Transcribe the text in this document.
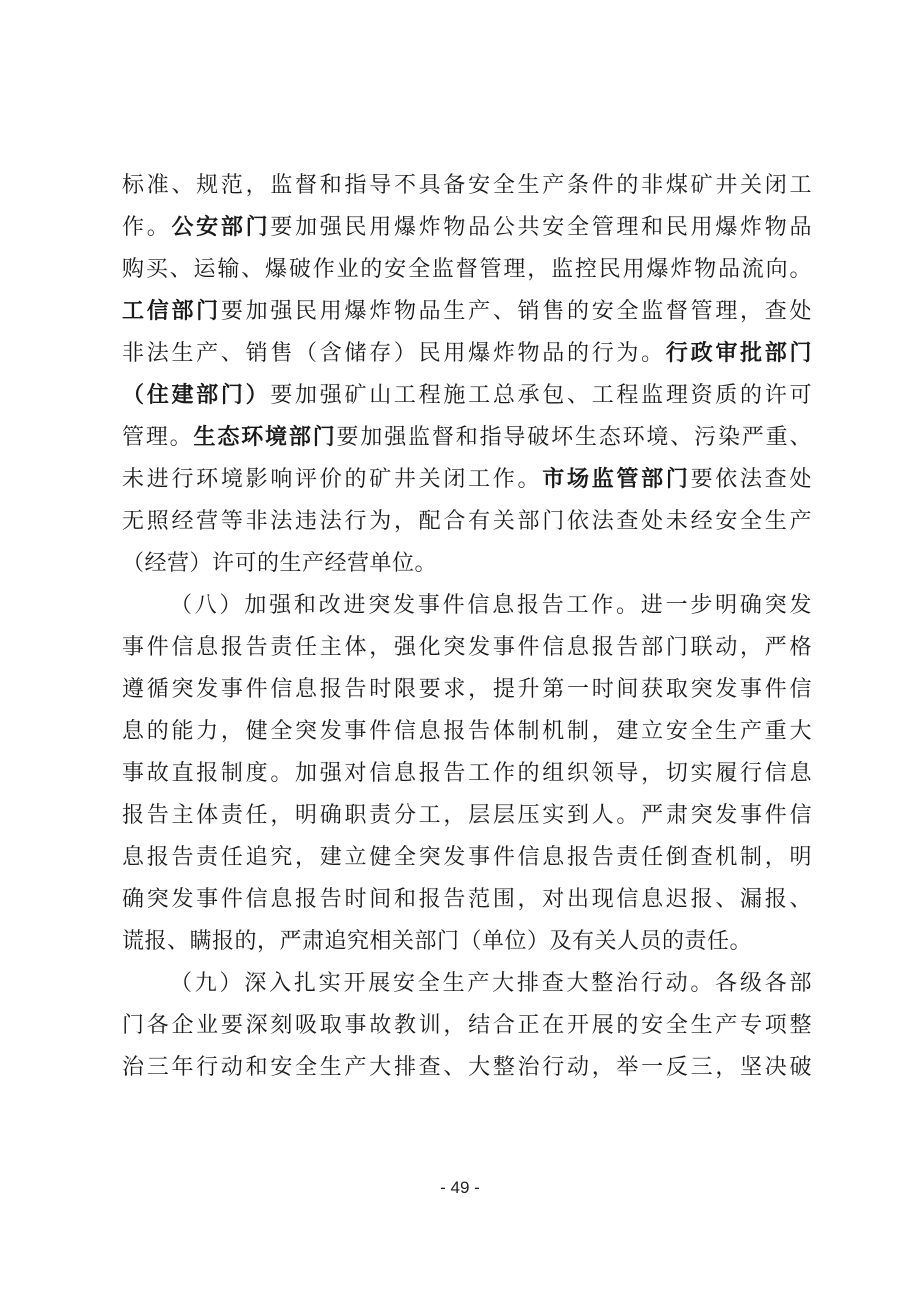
标准、规范，监督和指导不具备安全生产条件的非煤矿井关闭工
作。公安部门要加强民用爆炸物品公共安全管理和民用爆炸物品
购买、运输、爆破作业的安全监督管理，监控民用爆炸物品流向。
工信部门要加强民用爆炸物品生产、销售的安全监督管理，查处
非法生产、销售（含储存）民用爆炸物品的行为。行政审批部门
（住建部门）要加强矿山工程施工总承包、工程监理资质的许可
管理。生态环境部门要加强监督和指导破坏生态环境、污染严重、
未进行环境影响评价的矿井关闭工作。市场监管部门要依法查处
无照经营等非法违法行为，配合有关部门依法查处未经安全生产
（经营）许可的生产经营单位。
（八）加强和改进突发事件信息报告工作。进一步明确突发
事件信息报告责任主体，强化突发事件信息报告部门联动，严格
遵循突发事件信息报告时限要求，提升第一时间获取突发事件信
息的能力，健全突发事件信息报告体制机制，建立安全生产重大
事故直报制度。加强对信息报告工作的组织领导，切实履行信息
报告主体责任，明确职责分工，层层压实到人。严肃突发事件信
息报告责任追究，建立健全突发事件信息报告责任倒查机制，明
确突发事件信息报告时间和报告范围，对出现信息迟报、漏报、
谎报、瞒报的，严肃追究相关部门（单位）及有关人员的责任。
（九）深入扎实开展安全生产大排查大整治行动。各级各部
门各企业要深刻吸取事故教训，结合正在开展的安全生产专项整
治三年行动和安全生产大排查、大整治行动，举一反三，坚决破
- 49 -
